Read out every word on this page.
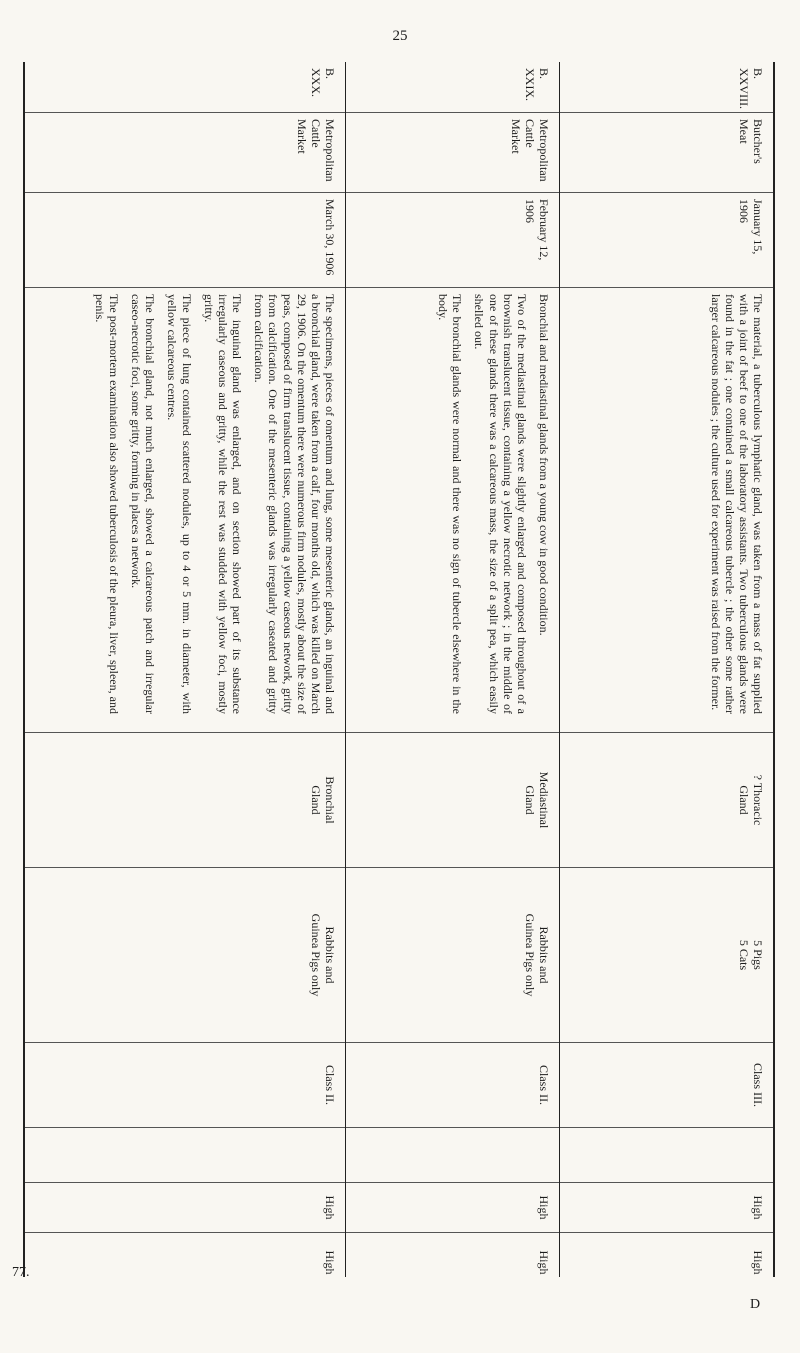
25
B. XXVIII.
Butcher's
Meat
January 15, 1906

The material, a tuberculous lymphatic gland, was taken from a mass of fat supplied with a joint of beef to one of the laboratory assistants. Two tuberculous glands were found in the fat ; one contained a small calcareous tubercle ; the other some rather larger calcareous nodules ; the culture used for experiment was raised from the former.

? Thoracic
Gland
5 Pigs
5 Cats
Class III.
High
High
B. XXIX.
Metropolitan
Cattle
Market
February 12, 1906

Bronchial and mediastinal glands from a young cow in good condition.

Two of the mediastinal glands were slightly enlarged and composed throughout of a brownish translucent tissue, containing a yellow necrotic network ; in the middle of one of these glands there was a calcareous mass, the size of a split pea, which easily shelled out.

The bronchial glands were normal and there was no sign of tubercle elsewhere in the body.

Mediastinal
Gland
Rabbits and
Guinea Pigs only
Class II.
High
High
B. XXX.
Metropolitan
Cattle
Market
March 30, 1906

The specimens, pieces of omentum and lung, some mesenteric glands, an inguinal and a bronchial gland, were taken from a calf, four months old, which was killed on March 29, 1906. On the omentum there were numerous firm nodules, mostly about the size of peas, composed of firm translucent tissue, containing a yellow caseous network, gritty from calcification. One of the mesenteric glands was irregularly caseated and gritty from calcification.

The inguinal gland was enlarged, and on section showed part of its substance irregularly caseous and gritty, while the rest was studded with yellow foci, mostly gritty.

The piece of lung contained scattered nodules, up to 4 or 5 mm. in diameter, with yellow calcareous centres.

The bronchial gland, not much enlarged, showed a calcareous patch and irregular caseo-necrotic foci, some gritty, forming in places a network.

The post-mortem examination also showed tuberculosis of the pleura, liver, spleen, and penis.

Bronchial
Gland
Rabbits and
Guinea Pigs only
Class II.
High
High
77.
D
